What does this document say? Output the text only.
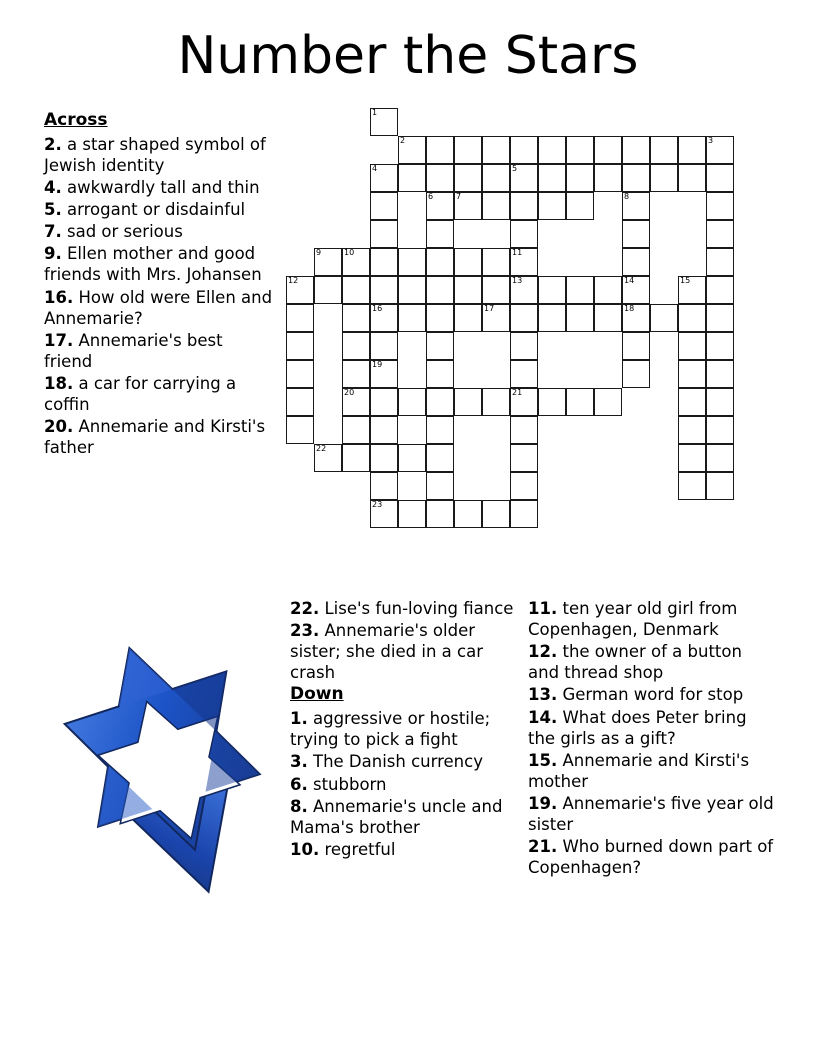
Number the Stars
Across
2. a star shaped symbol of Jewish identity
4. awkwardly tall and thin
5. arrogant or disdainful
7. sad or serious
9. Ellen mother and good friends with Mrs. Johansen
16. How old were Ellen and Annemarie?
17. Annemarie's best friend
18. a car for carrying a coffin
20. Annemarie and Kirsti's father
22. Lise's fun-loving fiance
23. Annemarie's older sister; she died in a car crash
Down
1. aggressive or hostile; trying to pick a fight
3. The Danish currency
6. stubborn
8. Annemarie's uncle and Mama's brother
10. regretful
11. ten year old girl from Copenhagen, Denmark
12. the owner of a button and thread shop
13. German word for stop
14. What does Peter bring the girls as a gift?
15. Annemarie and Kirsti's mother
19. Annemarie's five year old sister
21. Who burned down part of Copenhagen?
1
2	3
4	5
6	7	8
9	10	11
12	13	14	15
16	17	18
19
20	21
22
23
